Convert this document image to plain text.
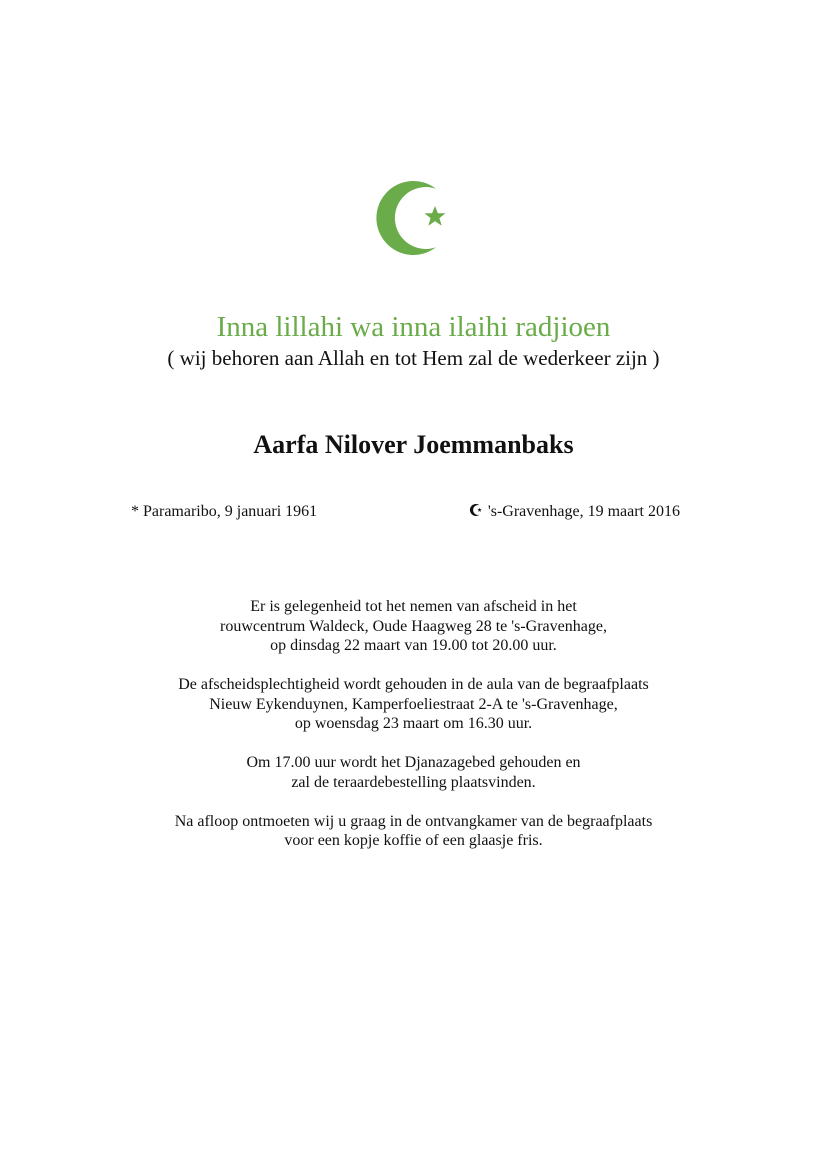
Inna lillahi wa inna ilaihi radjioen
( wij behoren aan Allah en tot Hem zal de wederkeer zijn )
Aarfa Nilover Joemmanbaks
* Paramaribo, 9 januari 1961	's-Gravenhage, 19 maart 2016

Er is gelegenheid tot het nemen van afscheid in het
rouwcentrum Waldeck, Oude Haagweg 28 te 's-Gravenhage,
op dinsdag 22 maart van 19.00 tot 20.00 uur.

De afscheidsplechtigheid wordt gehouden in de aula van de begraafplaats
Nieuw Eykenduynen, Kamperfoeliestraat 2-A te 's-Gravenhage,
op woensdag 23 maart om 16.30 uur.

Om 17.00 uur wordt het Djanazagebed gehouden en
zal de teraardebestelling plaatsvinden.

Na afloop ontmoeten wij u graag in de ontvangkamer van de begraafplaats
voor een kopje koffie of een glaasje fris.
